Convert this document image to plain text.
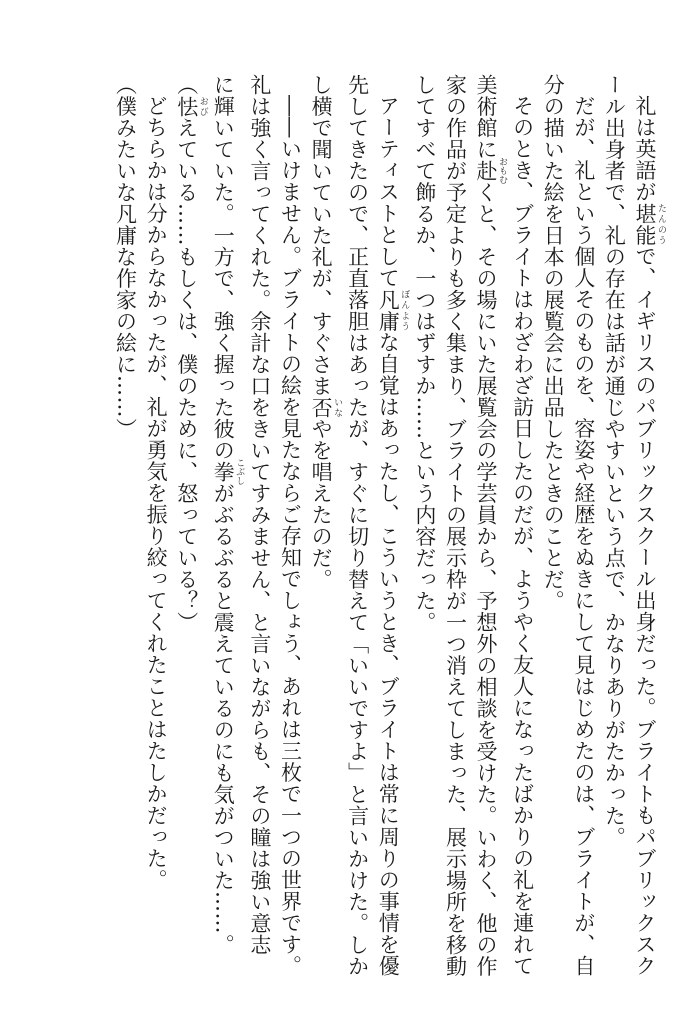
礼は英語が堪能 たんのうで、イギリスのパブリックスクール出身だった。ブライトもパブリックスク

ール出身者で、礼の存在は話が通じやすいという点で、かなりありがたかった。

だが、礼という個人そのものを、容姿や経歴をぬきにして見はじめたのは、ブライトが、自

分の描いた絵を日本の展覧会に出品したときのことだ。

そのとき、ブライトはわざわざ訪日したのだが、ようやく友人になったばかりの礼を連れて

美術館に赴 おもむくと、その場にいた展覧会の学芸員から、予想外の相談を受けた。いわく、他の作

家の作品が予定よりも多く集まり、ブライトの展示枠が一つ消えてしまった、展示場所を移動

してすべて飾るか、一つはずすか……という内容だった。

アーティストとして凡庸 ぼんような自覚はあったし、こういうとき、ブライトは常に周りの事情を優

先してきたので、正直落胆はあったが、すぐに切り替えて「いいですよ」と言いかけた。しか

し横で聞いていた礼が、すぐさま否 いなやを唱えたのだ。

――いけません。ブライトの絵を見たならご存知でしょう、あれは三枚で一つの世界です。

礼は強く言ってくれた。余計な口をきいてすみません、と言いながらも、その瞳は強い意志

に輝いていた。一方で、強く握った彼の拳 こぶしがぶるぶると震えているのにも気がついた……。

（怯 おびえている……もしくは、僕のために、怒っている？）

どちらかは分からなかったが、礼が勇気を振り絞ってくれたことはたしかだった。

（僕みたいな凡庸な作家の絵に……）
